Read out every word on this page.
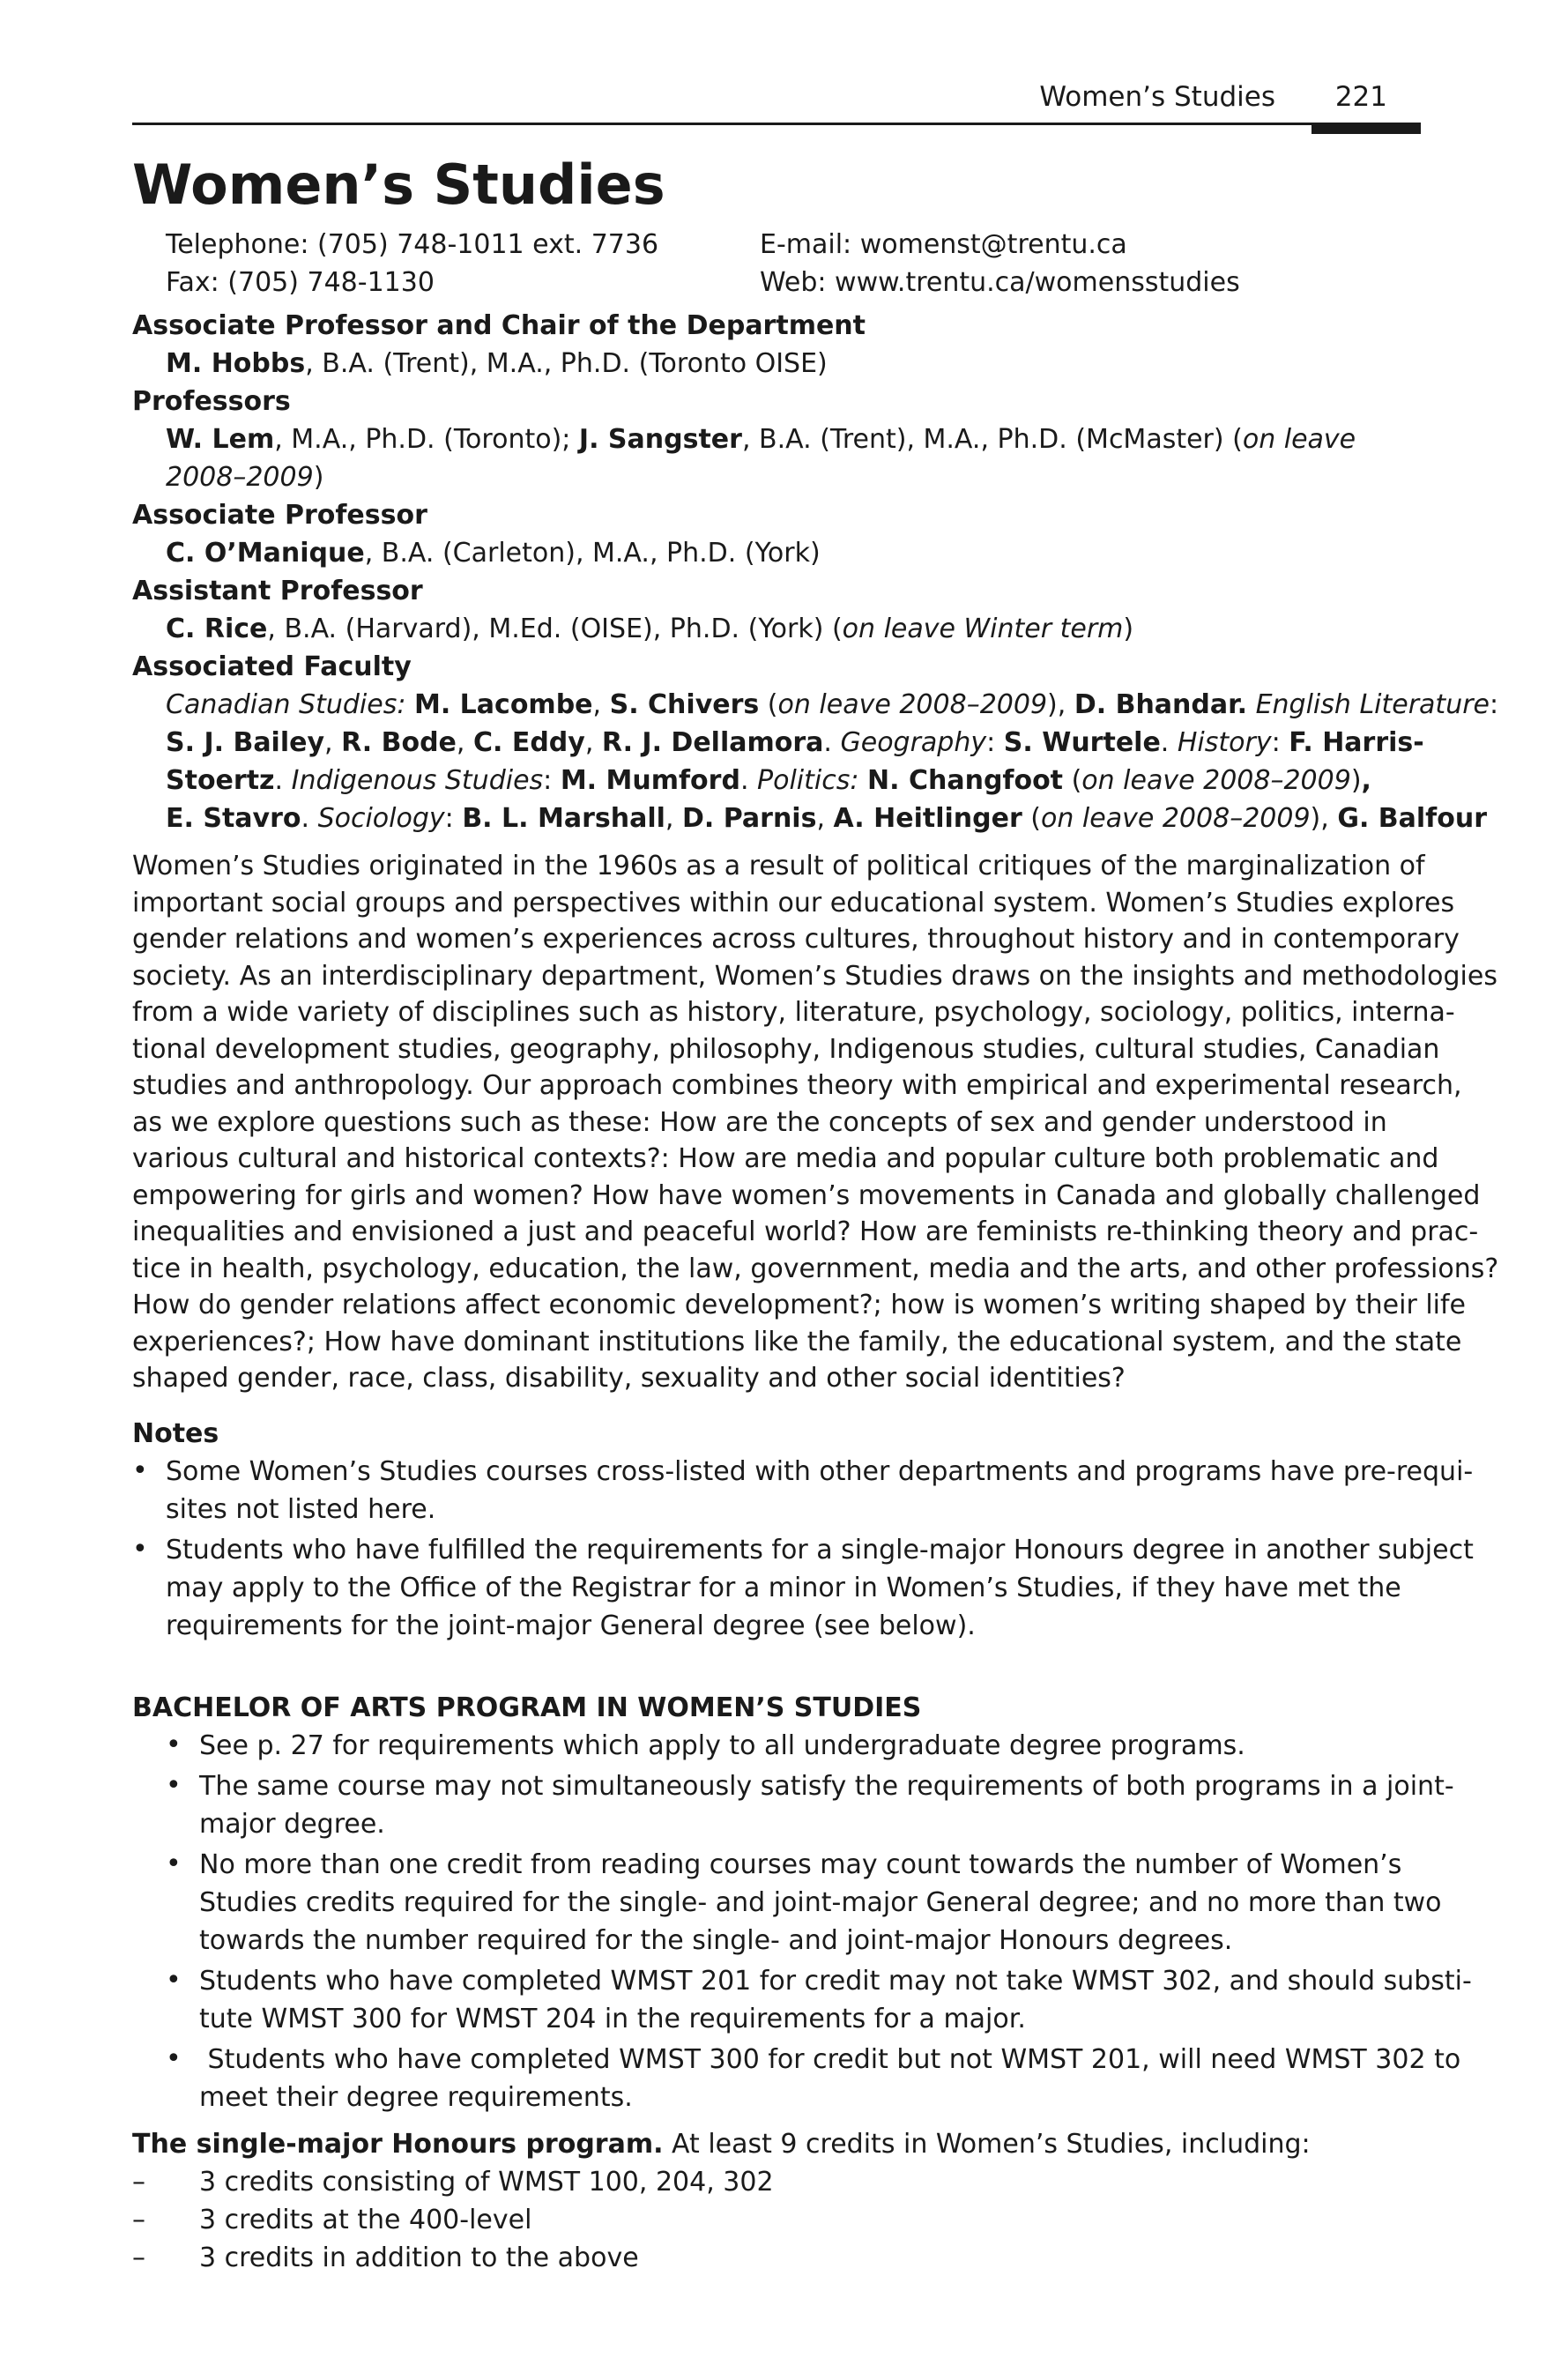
Women’s Studies 221
Women’s Studies
Telephone: (705) 748-1011 ext. 7736	E-mail: womenst@trentu.ca
Fax: (705) 748-1130	Web: www.trentu.ca/womensstudies
Associate Professor and Chair of the Department
M. Hobbs, B.A. (Trent), M.A., Ph.D. (Toronto OISE)
Professors
W. Lem, M.A., Ph.D. (Toronto); J. Sangster, B.A. (Trent), M.A., Ph.D. (McMaster) (on leave
2008–2009)
Associate Professor
C. O’Manique, B.A. (Carleton), M.A., Ph.D. (York)
Assistant Professor
C. Rice, B.A. (Harvard), M.Ed. (OISE), Ph.D. (York) (on leave Winter term)
Associated Faculty
Canadian Studies: M. Lacombe, S. Chivers (on leave 2008–2009), D. Bhandar. English Literature:
S. J. Bailey, R. Bode, C. Eddy, R. J. Dellamora. Geography: S. Wurtele. History: F. Harris-
Stoertz. Indigenous Studies: M. Mumford. Politics: N. Changfoot (on leave 2008–2009),
E. Stavro. Sociology: B. L. Marshall, D. Parnis, A. Heitlinger (on leave 2008–2009), G. Balfour
Women’s Studies originated in the 1960s as a result of political critiques of the marginalization of
important social groups and perspectives within our educational system. Women’s Studies explores
gender relations and women’s experiences across cultures, throughout history and in contemporary
society. As an interdisciplinary department, Women’s Studies draws on the insights and methodologies
from a wide variety of disciplines such as history, literature, psychology, sociology, politics, interna-
tional development studies, geography, philosophy, Indigenous studies, cultural studies, Canadian
studies and anthropology. Our approach combines theory with empirical and experimental research,
as we explore questions such as these: How are the concepts of sex and gender understood in
various cultural and historical contexts?: How are media and popular culture both problematic and
empowering for girls and women? How have women’s movements in Canada and globally challenged
inequalities and envisioned a just and peaceful world? How are feminists re-thinking theory and prac-
tice in health, psychology, education, the law, government, media and the arts, and other professions?
How do gender relations affect economic development?; how is women’s writing shaped by their life
experiences?; How have dominant institutions like the family, the educational system, and the state
shaped gender, race, class, disability, sexuality and other social identities?
Notes
• Some Women’s Studies courses cross-listed with other departments and programs have pre-requi-
sites not listed here.
• Students who have fulfilled the requirements for a single-major Honours degree in another subject
may apply to the Office of the Registrar for a minor in Women’s Studies, if they have met the
requirements for the joint-major General degree (see below).
BACHELOR OF ARTS PROGRAM IN WOMEN’S STUDIES
• See p. 27 for requirements which apply to all undergraduate degree programs.
• The same course may not simultaneously satisfy the requirements of both programs in a joint-
major degree.
• No more than one credit from reading courses may count towards the number of Women’s
Studies credits required for the single- and joint-major General degree; and no more than two
towards the number required for the single- and joint-major Honours degrees.
• Students who have completed WMST 201 for credit may not take WMST 302, and should substi-
tute WMST 300 for WMST 204 in the requirements for a major.
• Students who have completed WMST 300 for credit but not WMST 201, will need WMST 302 to
meet their degree requirements.
The single-major Honours program. At least 9 credits in Women’s Studies, including:
– 3 credits consisting of WMST 100, 204, 302
– 3 credits at the 400-level
– 3 credits in addition to the above
